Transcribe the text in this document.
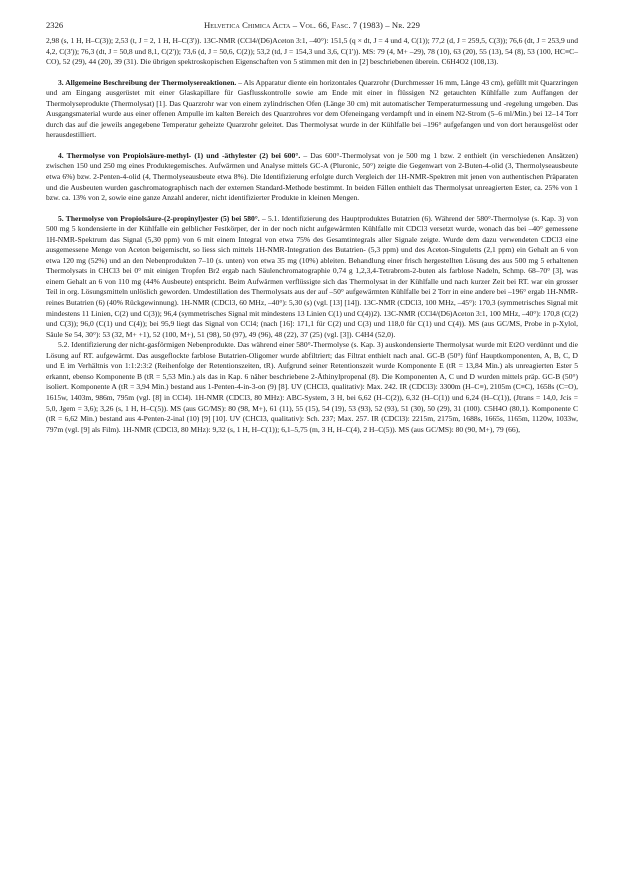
2326	Helvetica Chimica Acta – Vol. 66, Fasc. 7 (1983) – Nr. 229

2,98 (s, 1 H, H–C(3)); 2,53 (t, J = 2, 1 H, H–C(3')). 13C-NMR (CCl4/(D6)Aceton 3:1, –40°): 151,5 (q × dt, J = 4 und 4, C(1)); 77,2 (d, J = 259,5, C(3)); 76,6 (dt, J = 253,9 und 4,2, C(3')); 76,3 (dt, J = 50,8 und 8,1, C(2')); 73,6 (d, J = 50,6, C(2)); 53,2 (td, J = 154,3 und 3,6, C(1')). MS: 79 (4, M+ –29), 78 (10), 63 (20), 55 (13), 54 (8), 53 (100, HC≡C–CO), 52 (29), 44 (20), 39 (31). Die übrigen spektroskopischen Eigenschaften von 5 stimmen mit den in [2] beschriebenen überein. C6H4O2 (108,13).

3. Allgemeine Beschreibung der Thermolysereaktionen. – Als Apparatur diente ein horizontales Quarzrohr (Durchmesser 16 mm, Länge 43 cm), gefüllt mit Quarzringen und am Eingang ausgerüstet mit einer Glaskapillare für Gasflusskontrolle sowie am Ende mit einer in flüssigen N2 getauchten Kühlfalle zum Auffangen der Thermolyseprodukte (Thermolysat) [1]. Das Quarzrohr war von einem zylindrischen Ofen (Länge 30 cm) mit automatischer Temperaturmessung und -regelung umgeben. Das Ausgangsmaterial wurde aus einer offenen Ampulle im kalten Bereich des Quarzrohres vor dem Ofeneingang verdampft und in einem N2-Strom (5–6 ml/Min.) bei 12–14 Torr durch das auf die jeweils angegebene Temperatur geheizte Quarzrohr geleitet. Das Thermolysat wurde in der Kühlfalle bei –196° aufgefangen und von dort herausgelöst oder herausdestilliert.

4. Thermolyse von Propiolsäure-methyl- (1) und -äthylester (2) bei 600°. – Das 600°-Thermolysat von je 500 mg 1 bzw. 2 enthielt (in verschiedenen Ansätzen) zwischen 150 und 250 mg eines Produktegemisches. Aufwärmen und Analyse mittels GC-A (Pluronic, 50°) zeigte die Gegenwart von 2-Buten-4-olid (3, Thermolyseausbeute etwa 6%) bzw. 2-Penten-4-olid (4, Thermolyseausbeute etwa 8%). Die Identifizierung erfolgte durch Vergleich der 1H-NMR-Spektren mit jenen von authentischen Präparaten und die Ausbeuten wurden gaschromatographisch nach der externen Standard-Methode bestimmt. In beiden Fällen enthielt das Thermolysat unreagierten Ester, ca. 25% von 1 bzw. ca. 13% von 2, sowie eine ganze Anzahl anderer, nicht identifizierter Produkte in kleinen Mengen.

5. Thermolyse von Propiolsäure-(2-propinyl)ester (5) bei 580°. – 5.1. Identifizierung des Hauptproduktes Butatrien (6). Während der 580°-Thermolyse (s. Kap. 3) von 500 mg 5 kondensierte in der Kühlfalle ein gelblicher Festkörper, der in der noch nicht aufgewärmten Kühlfalle mit CDCl3 versetzt wurde, wonach das bei –40° gemessene 1H-NMR-Spektrum das Signal (5,30 ppm) von 6 mit einem Integral von etwa 75% des Gesamtintegrals aller Signale zeigte. Wurde dem dazu verwendeten CDCl3 eine ausgemessene Menge von Aceton beigemischt, so liess sich mittels 1H-NMR-Integration des Butatrien- (5,3 ppm) und des Aceton-Singuletts (2,1 ppm) ein Gehalt an 6 von etwa 120 mg (52%) und an den Nebenprodukten 7–10 (s. unten) von etwa 35 mg (10%) ableiten. Behandlung einer frisch hergestellten Lösung des aus 500 mg 5 erhaltenen Thermolysats in CHCl3 bei 0° mit einigen Tropfen Br2 ergab nach Säulenchromatographie 0,74 g 1,2,3,4-Tetrabrom-2-buten als farblose Nadeln, Schmp. 68–70° [3], was einem Gehalt an 6 von 110 mg (44% Ausbeute) entspricht. Beim Aufwärmen verflüssigte sich das Thermolysat in der Kühlfalle und nach kurzer Zeit bei RT. war ein grosser Teil in org. Lösungsmitteln unlöslich geworden. Umdestillation des Thermolysats aus der auf –50° aufgewärmten Kühlfalle bei 2 Torr in eine andere bei –196° ergab 1H-NMR-reines Butatrien (6) (40% Rückgewinnung). 1H-NMR (CDCl3, 60 MHz, –40°): 5,30 (s) (vgl. [13] [14]). 13C-NMR (CDCl3, 100 MHz, –45°): 170,3 (symmetrisches Signal mit mindestens 11 Linien, C(2) und C(3)); 96,4 (symmetrisches Signal mit mindestens 13 Linien C(1) und C(4))2). 13C-NMR (CCl4/(D6)Aceton 3:1, 100 MHz, –40°): 170,8 (C(2) und C(3)); 96,0 (C(1) und C(4)); bei 95,9 liegt das Signal von CCl4; (nach [16]: 171,1 für C(2) und C(3) und 118,0 für C(1) und C(4)). MS (aus GC/MS, Probe in p-Xylol, Säule Se 54, 30°): 53 (32, M+ +1), 52 (100, M+), 51 (98), 50 (97), 49 (96), 48 (22), 37 (25) (vgl. [3]). C4H4 (52,0).

5.2. Identifizierung der nicht-gasförmigen Nebenprodukte. Das während einer 580°-Thermolyse (s. Kap. 3) auskondensierte Thermolysat wurde mit Et2O verdünnt und die Lösung auf RT. aufgewärmt. Das ausgeflockte farblose Butatrien-Oligomer wurde abfiltriert; das Filtrat enthielt nach anal. GC-B (50°) fünf Hauptkomponenten, A, B, C, D und E im Verhältnis von 1:1:2:3:2 (Reihenfolge der Retentionszeiten, tR). Aufgrund seiner Retentionszeit wurde Komponente E (tR = 13,84 Min.) als unreagierten Ester 5 erkannt, ebenso Komponente B (tR = 5,53 Min.) als das in Kap. 6 näher beschriebene 2-Äthinylpropenal (8). Die Komponenten A, C und D wurden mittels präp. GC-B (50°) isoliert. Komponente A (tR = 3,94 Min.) bestand aus 1-Penten-4-in-3-on (9) [8]. UV (CHCl3, qualitativ): Max. 242. IR (CDCl3): 3300m (H–C≡), 2105m (C≡C), 1658s (C=O), 1615w, 1403m, 986m, 795m (vgl. [8] in CCl4). 1H-NMR (CDCl3, 80 MHz): ABC-System, 3 H, bei 6,62 (H–C(2)), 6,32 (H–C(1)) und 6,24 (H–C(1)), (Jtrans = 14,0, Jcis = 5,0, Jgem = 3,6); 3,26 (s, 1 H, H–C(5)). MS (aus GC/MS): 80 (98, M+), 61 (11), 55 (15), 54 (19), 53 (93), 52 (93), 51 (30), 50 (29), 31 (100). C5H4O (80,1). Komponente C (tR = 6,62 Min.) bestand aus 4-Penten-2-inal (10) [9] [10]. UV (CHCl3, qualitativ): Sch. 237; Max. 257. IR (CDCl3): 2215m, 2175m, 1688s, 1665s, 1165m, 1120w, 1033w, 797m (vgl. [9] als Film). 1H-NMR (CDCl3, 80 MHz): 9,32 (s, 1 H, H–C(1)); 6,1–5,75 (m, 3 H, H–C(4), 2 H–C(5)). MS (aus GC/MS): 80 (90, M+), 79 (66),
